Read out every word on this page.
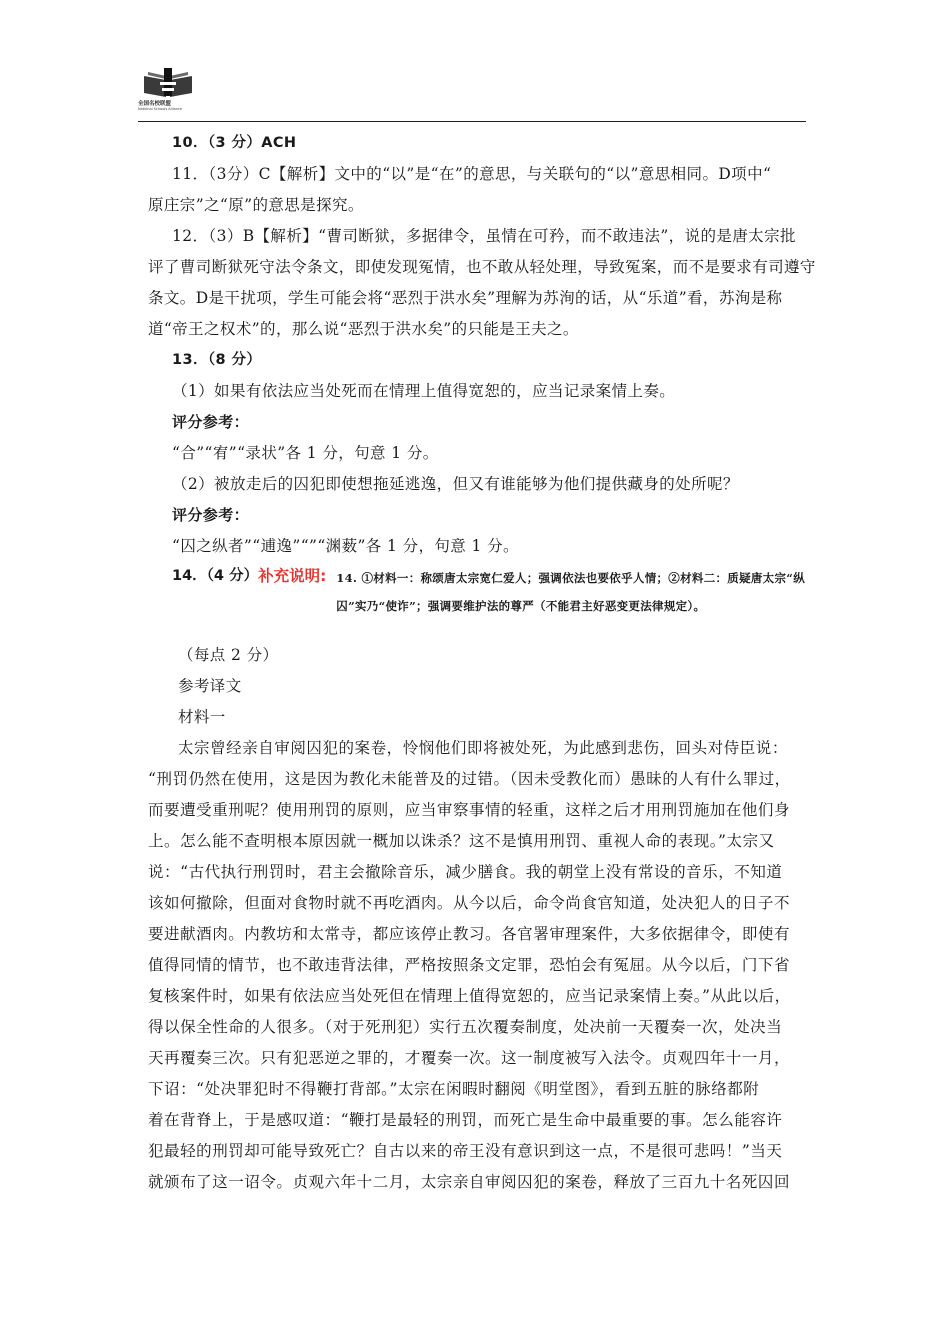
全国名校联盟
National Schools Alliance
10．（3 分）ACH
11．（3分）C【解析】文中的“以”是“在”的意思，与关联句的“以”意思相同。D项中“
原庄宗”之“原”的意思是探究。
12．（3）B【解析】“曹司断狱，多据律令，虽情在可矜，而不敢违法”，说的是唐太宗批
评了曹司断狱死守法令条文，即使发现冤情，也不敢从轻处理，导致冤案，而不是要求有司遵守
条文。D是干扰项，学生可能会将“恶烈于洪水矣”理解为苏洵的话，从“乐道”看，苏洵是称
道“帝王之权术”的，那么说“恶烈于洪水矣”的只能是王夫之。
13．（8 分）
（1）如果有依法应当处死而在情理上值得宽恕的，应当记录案情上奏。
评分参考：
“合”“宥”“录状”各 1 分，句意 1 分。
（2）被放走后的囚犯即使想拖延逃逸，但又有谁能够为他们提供藏身的处所呢？
评分参考：
“囚之纵者”“逋逸”“”“渊薮”各 1 分，句意 1 分。
14．（4 分） 补充说明: 14. ①材料一：称颂唐太宗宽仁爱人；强调依法也要依乎人情；②材料二：质疑唐太宗“纵囚”实乃“使诈”；强调要维护法的尊严（不能君主好恶变更法律规定）。
（每点 2 分）
参考译文
材料一
太宗曾经亲自审阅囚犯的案卷，怜悯他们即将被处死，为此感到悲伤，回头对侍臣说：
“刑罚仍然在使用，这是因为教化未能普及的过错。（因未受教化而）愚昧的人有什么罪过，
而要遭受重刑呢？使用刑罚的原则，应当审察事情的轻重，这样之后才用刑罚施加在他们身
上。怎么能不查明根本原因就一概加以诛杀？这不是慎用刑罚、重视人命的表现。”太宗又
说：“古代执行刑罚时，君主会撤除音乐，减少膳食。我的朝堂上没有常设的音乐，不知道
该如何撤除，但面对食物时就不再吃酒肉。从今以后，命令尚食官知道，处决犯人的日子不
要进献酒肉。内教坊和太常寺，都应该停止教习。各官署审理案件，大多依据律令，即使有
值得同情的情节，也不敢违背法律，严格按照条文定罪，恐怕会有冤屈。从今以后，门下省
复核案件时，如果有依法应当处死但在情理上值得宽恕的，应当记录案情上奏。”从此以后，
得以保全性命的人很多。（对于死刑犯）实行五次覆奏制度，处决前一天覆奏一次，处决当
天再覆奏三次。只有犯恶逆之罪的，才覆奏一次。这一制度被写入法令。贞观四年十一月，
下诏：“处决罪犯时不得鞭打背部。”太宗在闲暇时翻阅《明堂图》，看到五脏的脉络都附
着在背脊上，于是感叹道：“鞭打是最轻的刑罚，而死亡是生命中最重要的事。怎么能容许
犯最轻的刑罚却可能导致死亡？自古以来的帝王没有意识到这一点，不是很可悲吗！”当天
就颁布了这一诏令。贞观六年十二月，太宗亲自审阅囚犯的案卷，释放了三百九十名死囚回
